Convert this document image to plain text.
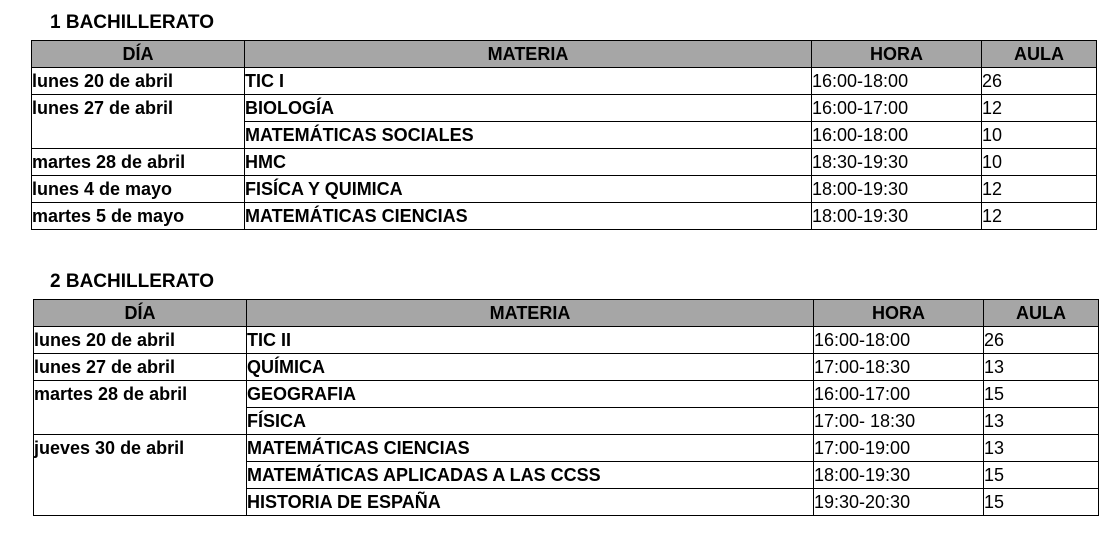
1 BACHILLERATO
DÍA	MATERIA	HORA	AULA
lunes 20 de abril	TIC I	16:00-18:00	26
lunes 27 de abril	BIOLOGÍA	16:00-17:00	12
	MATEMÁTICAS SOCIALES	16:00-18:00	10
martes 28 de abril	HMC	18:30-19:30	10
lunes 4 de mayo	FISÍCA Y QUIMICA	18:00-19:30	12
martes 5 de mayo	MATEMÁTICAS CIENCIAS	18:00-19:30	12
2 BACHILLERATO
DÍA	MATERIA	HORA	AULA
lunes 20 de abril	TIC II	16:00-18:00	26
lunes 27 de abril	QUÍMICA	17:00-18:30	13
martes 28 de abril	GEOGRAFIA	16:00-17:00	15
	FÍSICA	17:00- 18:30	13
jueves 30 de abril	MATEMÁTICAS CIENCIAS	17:00-19:00	13
	MATEMÁTICAS APLICADAS A LAS CCSS	18:00-19:30	15
	HISTORIA DE ESPAÑA	19:30-20:30	15
